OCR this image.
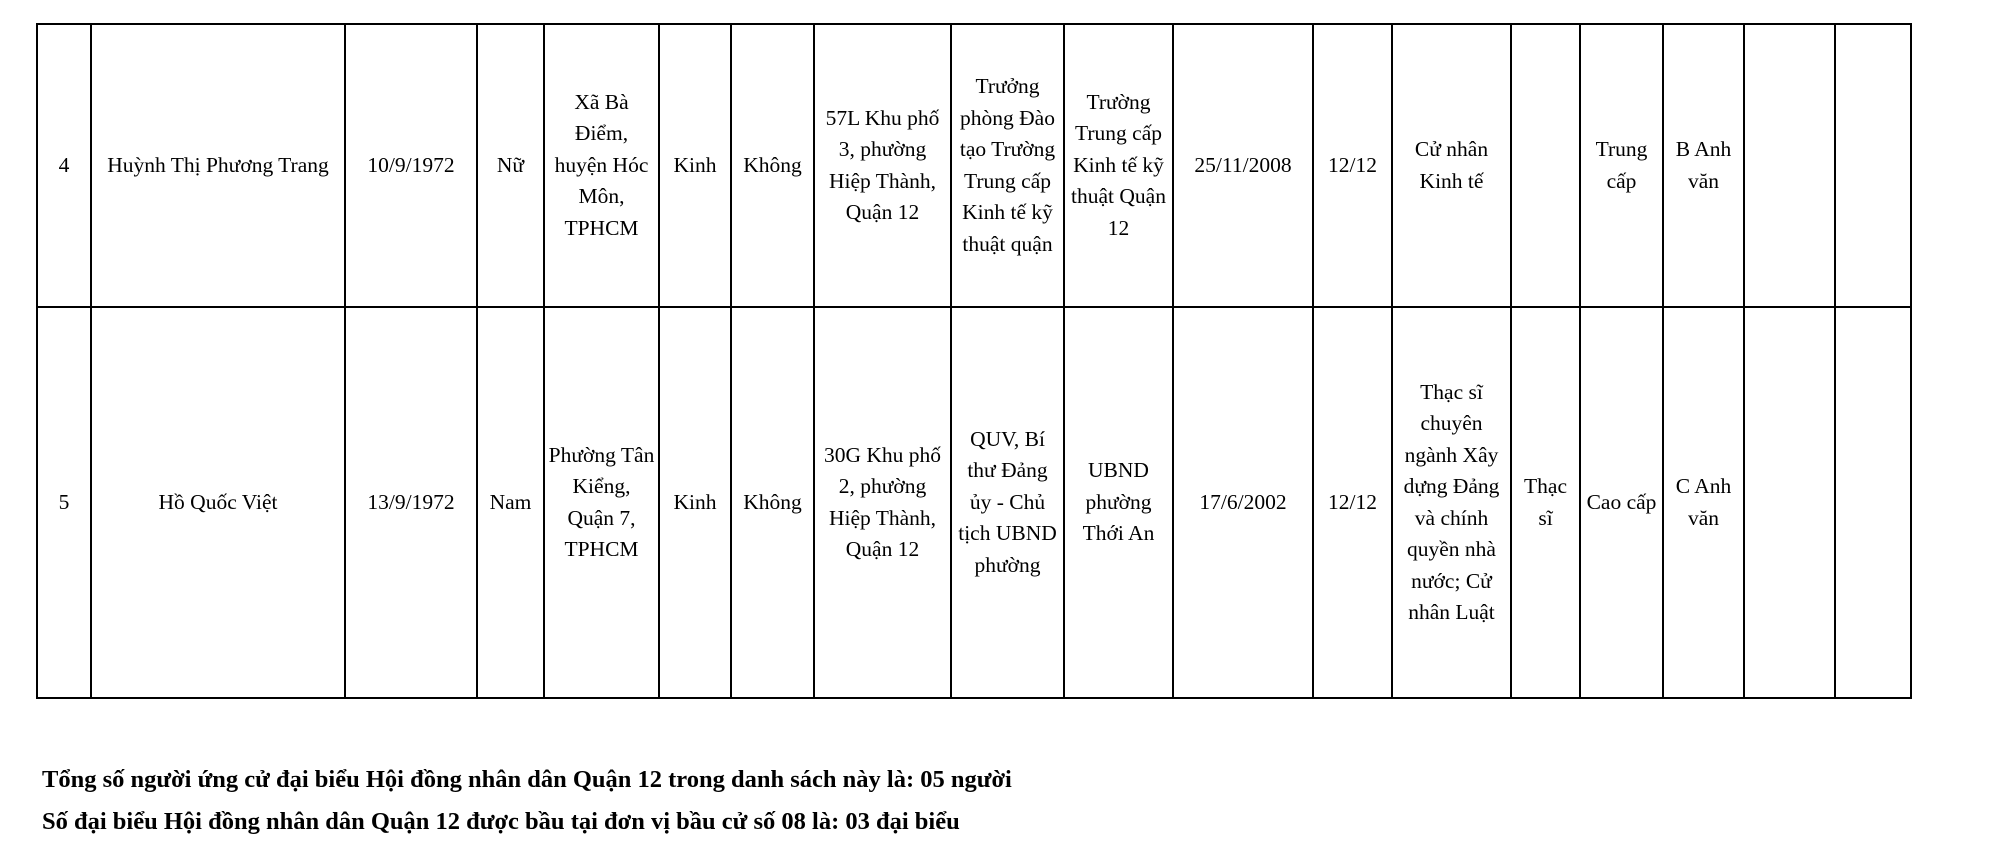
4	Huỳnh Thị Phương Trang	10/9/1972	Nữ	Xã Bà Điểm, huyện Hóc Môn, TPHCM	Kinh	Không	57L Khu phố 3, phường Hiệp Thành, Quận 12	Trưởng phòng Đào tạo Trường Trung cấp Kinh tế kỹ thuật quận	Trường Trung cấp Kinh tế kỹ thuật Quận 12	25/11/2008	12/12	Cử nhân Kinh tế		Trung cấp	B Anh văn		
5	Hồ Quốc Việt	13/9/1972	Nam	Phường Tân Kiểng, Quận 7, TPHCM	Kinh	Không	30G Khu phố 2, phường Hiệp Thành, Quận 12	QUV, Bí thư Đảng ủy - Chủ tịch UBND phường	UBND phường Thới An	17/6/2002	12/12	Thạc sĩ chuyên ngành Xây dựng Đảng và chính quyền nhà nước; Cử nhân Luật	Thạc sĩ	Cao cấp	C Anh văn		
Tổng số người ứng cử đại biểu Hội đồng nhân dân Quận 12 trong danh sách này là: 05 người
Số đại biểu Hội đồng nhân dân Quận 12 được bầu tại đơn vị bầu cử số 08 là: 03 đại biểu
